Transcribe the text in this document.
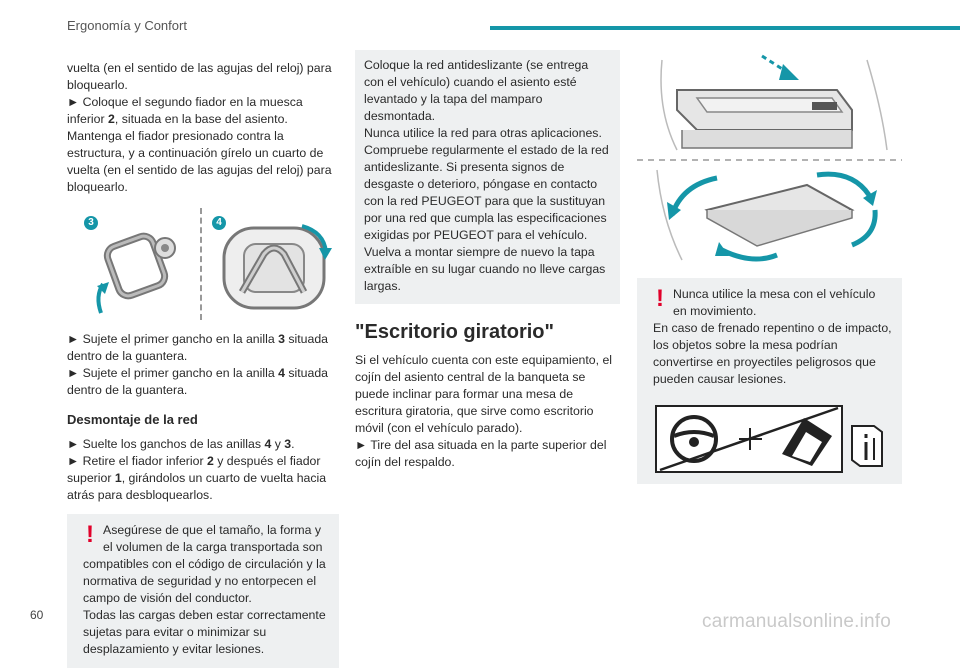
Ergonomía y Confort

vuelta (en el sentido de las agujas del reloj) para bloquearlo.

► Coloque el segundo fiador en la muesca inferior 2, situada en la base del asiento. Mantenga el fiador presionado contra la estructura, y a continuación gírelo un cuarto de vuelta (en el sentido de las agujas del reloj) para bloquearlo.

3	4

► Sujete el primer gancho en la anilla 3 situada dentro de la guantera.

► Sujete el primer gancho en la anilla 4 situada dentro de la guantera.

Desmontaje de la red

► Suelte los ganchos de las anillas 4 y 3.

► Retire el fiador inferior 2 y después el fiador superior 1, girándolos un cuarto de vuelta hacia atrás para desbloquearlos.

! Asegúrese de que el tamaño, la forma y el volumen de la carga transportada son

compatibles con el código de circulación y la normativa de seguridad y no entorpecen el campo de visión del conductor.

Todas las cargas deben estar correctamente sujetas para evitar o minimizar su desplazamiento y evitar lesiones.

Coloque la red antideslizante (se entrega con el vehículo) cuando el asiento esté levantado y la tapa del mamparo desmontada.

Nunca utilice la red para otras aplicaciones. Compruebe regularmente el estado de la red antideslizante. Si presenta signos de desgaste o deterioro, póngase en contacto con la red PEUGEOT para que la sustituyan por una red que cumpla las especificaciones exigidas por PEUGEOT para el vehículo.

Vuelva a montar siempre de nuevo la tapa extraíble en su lugar cuando no lleve cargas largas.

"Escritorio giratorio"

Si el vehículo cuenta con este equipamiento, el cojín del asiento central de la banqueta se puede inclinar para formar una mesa de escritura giratoria, que sirve como escritorio móvil (con el vehículo parado).

► Tire del asa situada en la parte superior del cojín del respaldo.

! Nunca utilice la mesa con el vehículo en movimiento.

En caso de frenado repentino o de impacto, los objetos sobre la mesa podrían convertirse en proyectiles peligrosos que pueden causar lesiones.

60	carmanualsonline.info
